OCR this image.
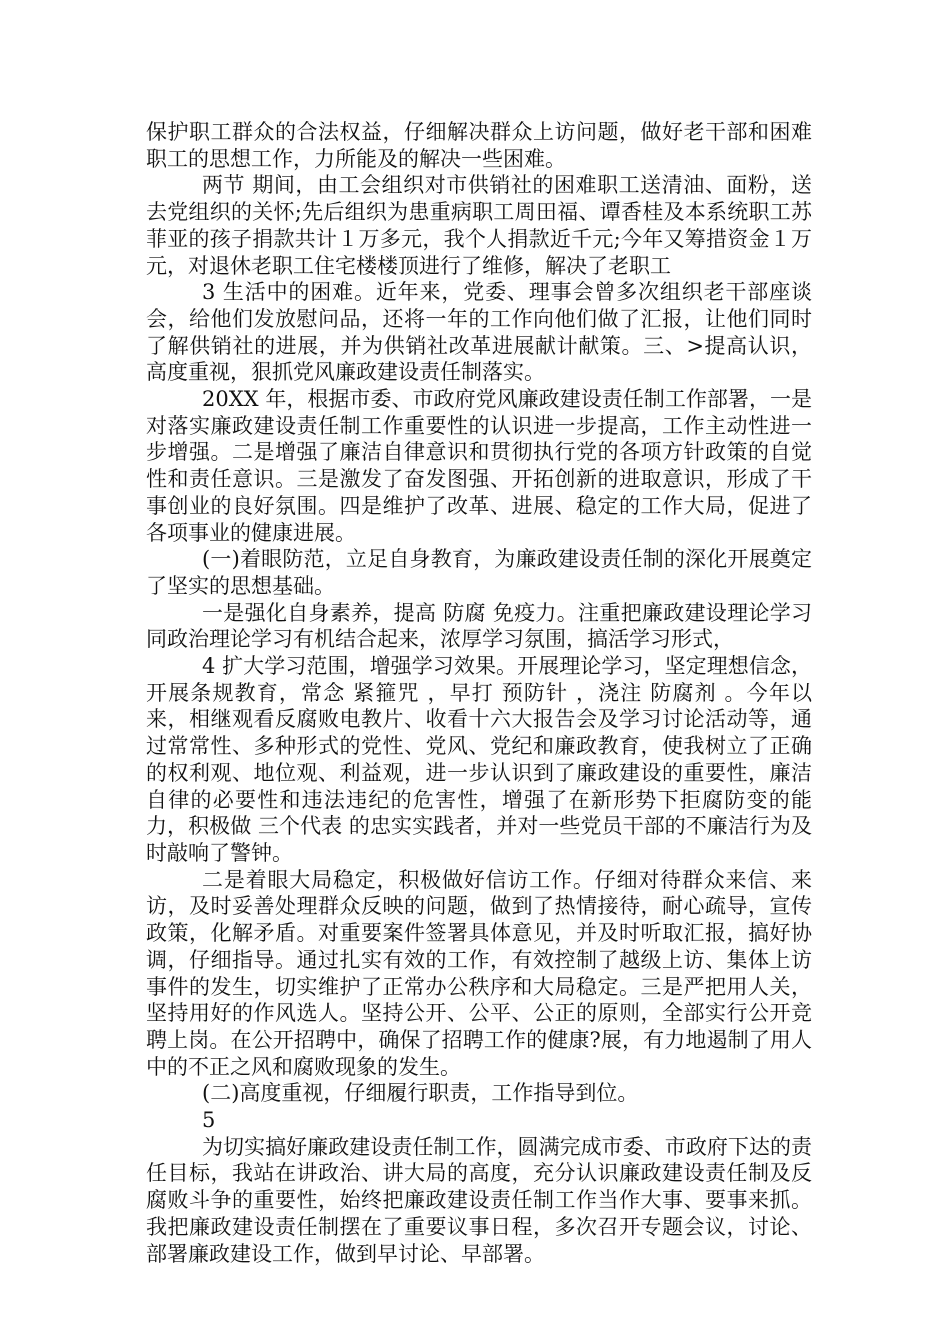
保护职工群众的合法权益，仔细解决群众上访问题，做好老干部和困难职工的思想工作，力所能及的解决一些困难。

两节 期间，由工会组织对市供销社的困难职工送清油、面粉，送去党组织的关怀;先后组织为患重病职工周田福、谭香桂及本系统职工苏菲亚的孩子捐款共计１万多元，我个人捐款近千元;今年又筹措资金１万元，对退休老职工住宅楼楼顶进行了维修，解决了老职工

3 生活中的困难。近年来，党委、理事会曾多次组织老干部座谈会，给他们发放慰问品，还将一年的工作向他们做了汇报，让他们同时了解供销社的进展，并为供销社改革进展献计献策。三、>提高认识，高度重视，狠抓党风廉政建设责任制落实。

20XX 年，根据市委、市政府党风廉政建设责任制工作部署，一是对落实廉政建设责任制工作重要性的认识进一步提高，工作主动性进一步增强。二是增强了廉洁自律意识和贯彻执行党的各项方针政策的自觉性和责任意识。三是激发了奋发图强、开拓创新的进取意识，形成了干事创业的良好氛围。四是维护了改革、进展、稳定的工作大局，促进了各项事业的健康进展。

(一)着眼防范，立足自身教育，为廉政建设责任制的深化开展奠定了坚实的思想基础。

一是强化自身素养，提高 防腐 免疫力。注重把廉政建设理论学习同政治理论学习有机结合起来，浓厚学习氛围，搞活学习形式，

4 扩大学习范围，增强学习效果。开展理论学习，坚定理想信念，开展条规教育，常念 紧箍咒 ，早打 预防针 ，浇注 防腐剂 。今年以来，相继观看反腐败电教片、收看十六大报告会及学习讨论活动等，通过常常性、多种形式的党性、党风、党纪和廉政教育，使我树立了正确的权利观、地位观、利益观，进一步认识到了廉政建设的重要性，廉洁自律的必要性和违法违纪的危害性，增强了在新形势下拒腐防变的能力，积极做 三个代表 的忠实实践者，并对一些党员干部的不廉洁行为及时敲响了警钟。

二是着眼大局稳定，积极做好信访工作。仔细对待群众来信、来访，及时妥善处理群众反映的问题，做到了热情接待，耐心疏导，宣传政策，化解矛盾。对重要案件签署具体意见，并及时听取汇报，搞好协调，仔细指导。通过扎实有效的工作，有效控制了越级上访、集体上访事件的发生，切实维护了正常办公秩序和大局稳定。三是严把用人关，坚持用好的作风选人。坚持公开、公平、公正的原则，全部实行公开竞聘上岗。在公开招聘中，确保了招聘工作的健康?展，有力地遏制了用人中的不正之风和腐败现象的发生。

(二)高度重视，仔细履行职责，工作指导到位。

5

为切实搞好廉政建设责任制工作，圆满完成市委、市政府下达的责任目标，我站在讲政治、讲大局的高度，充分认识廉政建设责任制及反腐败斗争的重要性，始终把廉政建设责任制工作当作大事、要事来抓。我把廉政建设责任制摆在了重要议事日程，多次召开专题会议，讨论、部署廉政建设工作，做到早讨论、早部署。
